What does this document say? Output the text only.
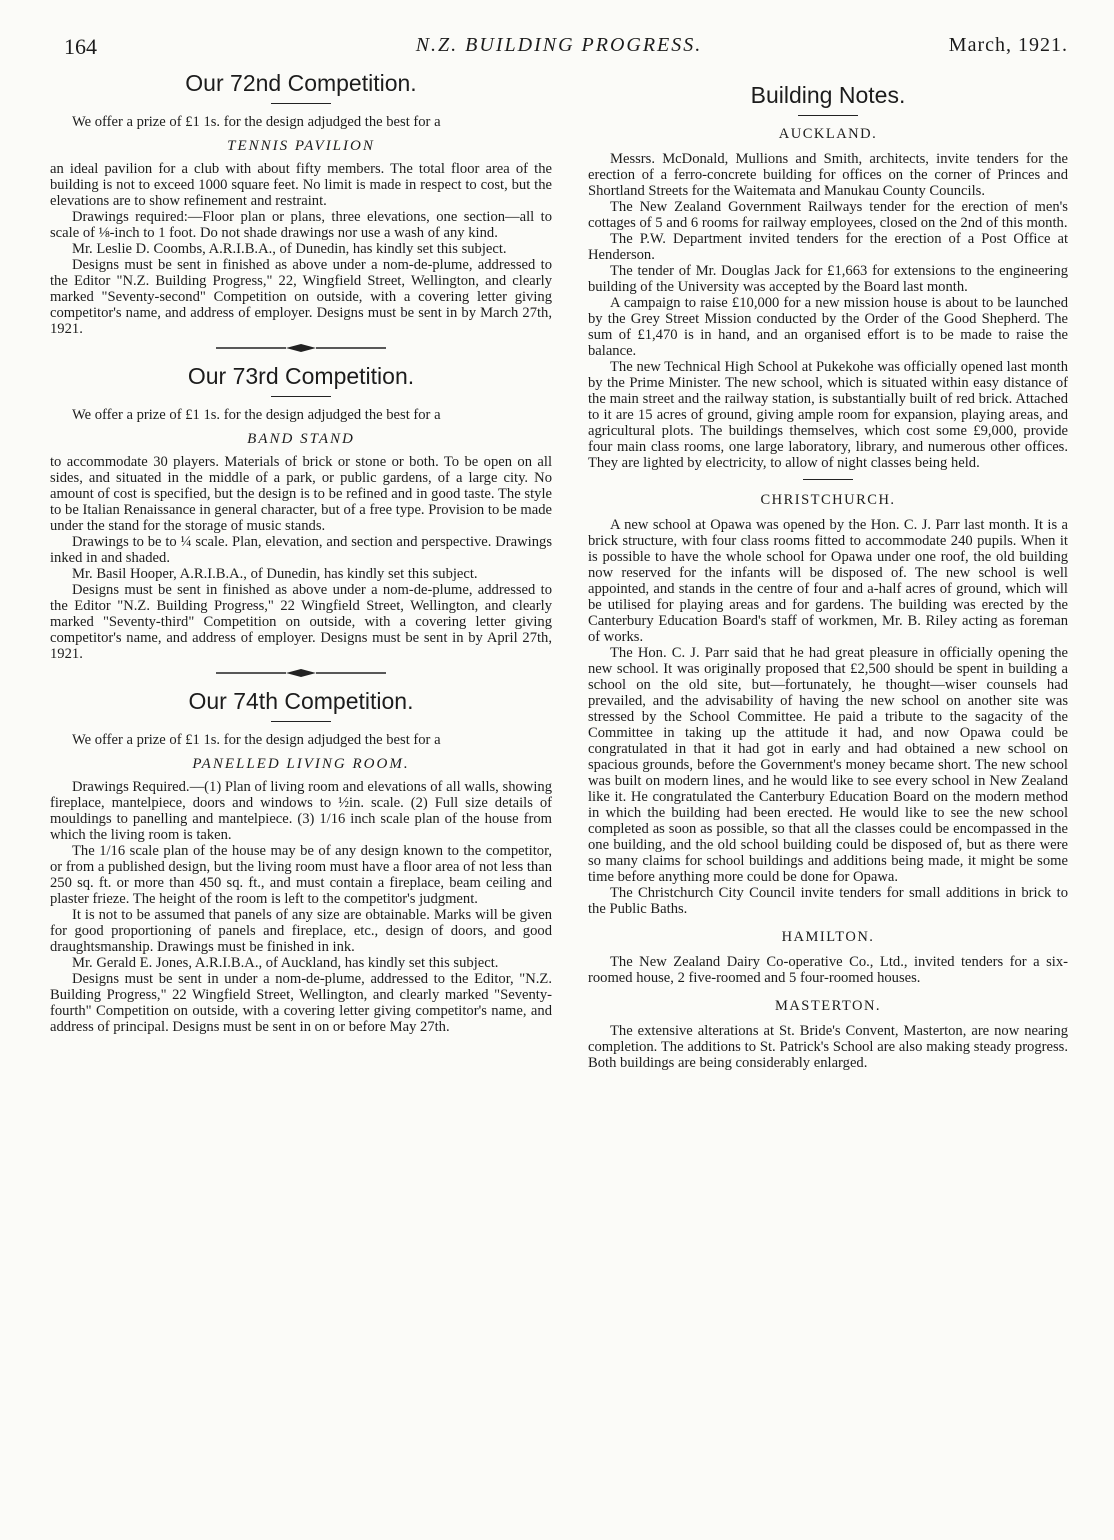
164	N.Z. BUILDING PROGRESS.	March, 1921.
Our 72nd Competition.

We offer a prize of £1 1s. for the design adjudged the best for a

TENNIS PAVILION

an ideal pavilion for a club with about fifty members. The total floor area of the building is not to exceed 1000 square feet. No limit is made in respect to cost, but the elevations are to show refinement and restraint.

Drawings required:—Floor plan or plans, three elevations, one section—all to scale of ⅛-inch to 1 foot. Do not shade drawings nor use a wash of any kind.

Mr. Leslie D. Coombs, A.R.I.B.A., of Dunedin, has kindly set this subject.

Designs must be sent in finished as above under a nom-de-plume, addressed to the Editor "N.Z. Building Progress," 22, Wingfield Street, Wellington, and clearly marked "Seventy-second" Competition on outside, with a covering letter giving competitor's name, and address of employer. Designs must be sent in by March 27th, 1921.

Our 73rd Competition.

We offer a prize of £1 1s. for the design adjudged the best for a

BAND STAND

to accommodate 30 players. Materials of brick or stone or both. To be open on all sides, and situated in the middle of a park, or public gardens, of a large city. No amount of cost is specified, but the design is to be refined and in good taste. The style to be Italian Renaissance in general character, but of a free type. Provision to be made under the stand for the storage of music stands.

Drawings to be to ¼ scale. Plan, elevation, and section and perspective. Drawings inked in and shaded.

Mr. Basil Hooper, A.R.I.B.A., of Dunedin, has kindly set this subject.

Designs must be sent in finished as above under a nom-de-plume, addressed to the Editor "N.Z. Building Progress," 22 Wingfield Street, Wellington, and clearly marked "Seventy-third" Competition on outside, with a covering letter giving competitor's name, and address of employer. Designs must be sent in by April 27th, 1921.

Our 74th Competition.

We offer a prize of £1 1s. for the design adjudged the best for a

PANELLED LIVING ROOM.

Drawings Required.—(1) Plan of living room and elevations of all walls, showing fireplace, mantelpiece, doors and windows to ½in. scale. (2) Full size details of mouldings to panelling and mantelpiece. (3) 1/16 inch scale plan of the house from which the living room is taken.

The 1/16 scale plan of the house may be of any design known to the competitor, or from a published design, but the living room must have a floor area of not less than 250 sq. ft. or more than 450 sq. ft., and must contain a fireplace, beam ceiling and plaster frieze. The height of the room is left to the competitor's judgment.

It is not to be assumed that panels of any size are obtainable. Marks will be given for good proportioning of panels and fireplace, etc., design of doors, and good draughtsmanship. Drawings must be finished in ink.

Mr. Gerald E. Jones, A.R.I.B.A., of Auckland, has kindly set this subject.

Designs must be sent in under a nom-de-plume, addressed to the Editor, "N.Z. Building Progress," 22 Wingfield Street, Wellington, and clearly marked "Seventy-fourth" Competition on outside, with a covering letter giving competitor's name, and address of principal. Designs must be sent in on or before May 27th.

Building Notes.
AUCKLAND.

Messrs. McDonald, Mullions and Smith, architects, invite tenders for the erection of a ferro-concrete building for offices on the corner of Princes and Shortland Streets for the Waitemata and Manukau County Councils.

The New Zealand Government Railways tender for the erection of men's cottages of 5 and 6 rooms for railway employees, closed on the 2nd of this month.

The P.W. Department invited tenders for the erection of a Post Office at Henderson.

The tender of Mr. Douglas Jack for £1,663 for extensions to the engineering building of the University was accepted by the Board last month.

A campaign to raise £10,000 for a new mission house is about to be launched by the Grey Street Mission conducted by the Order of the Good Shepherd. The sum of £1,470 is in hand, and an organised effort is to be made to raise the balance.

The new Technical High School at Pukekohe was officially opened last month by the Prime Minister. The new school, which is situated within easy distance of the main street and the railway station, is substantially built of red brick. Attached to it are 15 acres of ground, giving ample room for expansion, playing areas, and agricultural plots. The buildings themselves, which cost some £9,000, provide four main class rooms, one large laboratory, library, and numerous other offices. They are lighted by electricity, to allow of night classes being held.

CHRISTCHURCH.

A new school at Opawa was opened by the Hon. C. J. Parr last month. It is a brick structure, with four class rooms fitted to accommodate 240 pupils. When it is possible to have the whole school for Opawa under one roof, the old building now reserved for the infants will be disposed of. The new school is well appointed, and stands in the centre of four and a-half acres of ground, which will be utilised for playing areas and for gardens. The building was erected by the Canterbury Education Board's staff of workmen, Mr. B. Riley acting as foreman of works.

The Hon. C. J. Parr said that he had great pleasure in officially opening the new school. It was originally proposed that £2,500 should be spent in building a school on the old site, but—fortunately, he thought—wiser counsels had prevailed, and the advisability of having the new school on another site was stressed by the School Committee. He paid a tribute to the sagacity of the Committee in taking up the attitude it had, and now Opawa could be congratulated in that it had got in early and had obtained a new school on spacious grounds, before the Government's money became short. The new school was built on modern lines, and he would like to see every school in New Zealand like it. He congratulated the Canterbury Education Board on the modern method in which the building had been erected. He would like to see the new school completed as soon as possible, so that all the classes could be encompassed in the one building, and the old school building could be disposed of, but as there were so many claims for school buildings and additions being made, it might be some time before anything more could be done for Opawa.

The Christchurch City Council invite tenders for small additions in brick to the Public Baths.

HAMILTON.

The New Zealand Dairy Co-operative Co., Ltd., invited tenders for a six-roomed house, 2 five-roomed and 5 four-roomed houses.

MASTERTON.

The extensive alterations at St. Bride's Convent, Masterton, are now nearing completion. The additions to St. Patrick's School are also making steady progress. Both buildings are being considerably enlarged.
